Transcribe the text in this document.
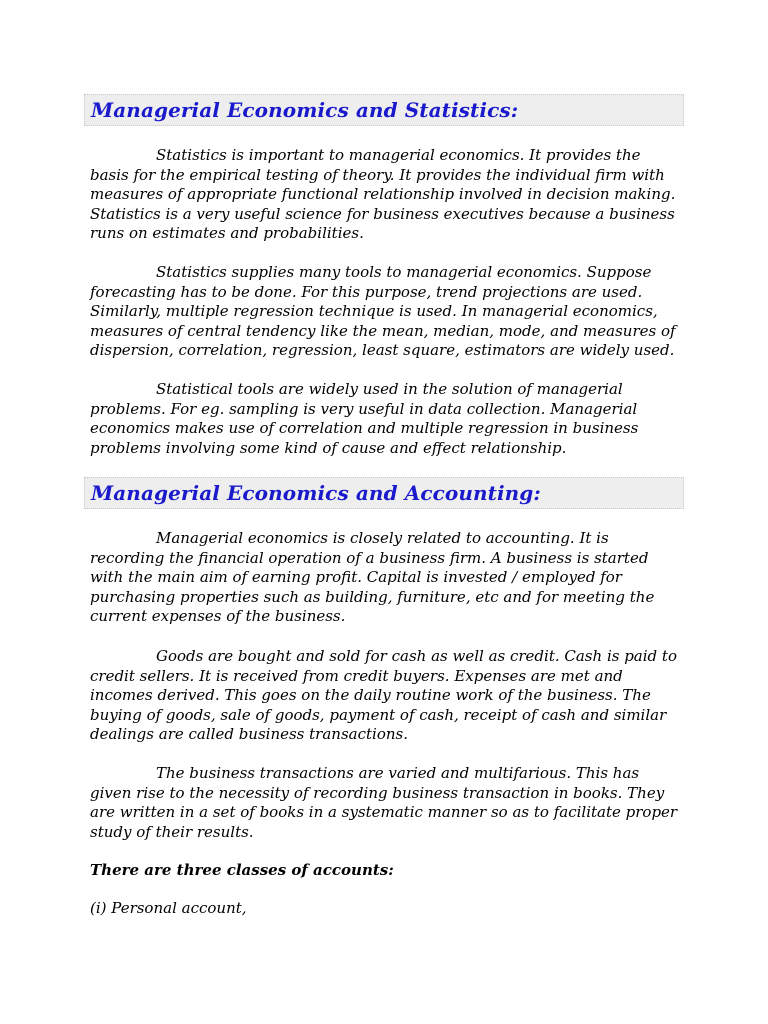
Managerial Economics and Statistics:
Statistics is important to managerial economics. It provides the
basis for the empirical testing of theory. It provides the individual firm with
measures of appropriate functional relationship involved in decision making.
Statistics is a very useful science for business executives because a business
runs on estimates and probabilities.
Statistics supplies many tools to managerial economics. Suppose
forecasting has to be done. For this purpose, trend projections are used.
Similarly, multiple regression technique is used. In managerial economics,
measures of central tendency like the mean, median, mode, and measures of
dispersion, correlation, regression, least square, estimators are widely used.
Statistical tools are widely used in the solution of managerial
problems. For eg. sampling is very useful in data collection. Managerial
economics makes use of correlation and multiple regression in business
problems involving some kind of cause and effect relationship.
Managerial Economics and Accounting:
Managerial economics is closely related to accounting. It is
recording the financial operation of a business firm. A business is started
with the main aim of earning profit. Capital is invested / employed for
purchasing properties such as building, furniture, etc and for meeting the
current expenses of the business.
Goods are bought and sold for cash as well as credit. Cash is paid to
credit sellers. It is received from credit buyers. Expenses are met and
incomes derived. This goes on the daily routine work of the business. The
buying of goods, sale of goods, payment of cash, receipt of cash and similar
dealings are called business transactions.
The business transactions are varied and multifarious. This has
given rise to the necessity of recording business transaction in books. They
are written in a set of books in a systematic manner so as to facilitate proper
study of their results.
There are three classes of accounts:
(i) Personal account,
